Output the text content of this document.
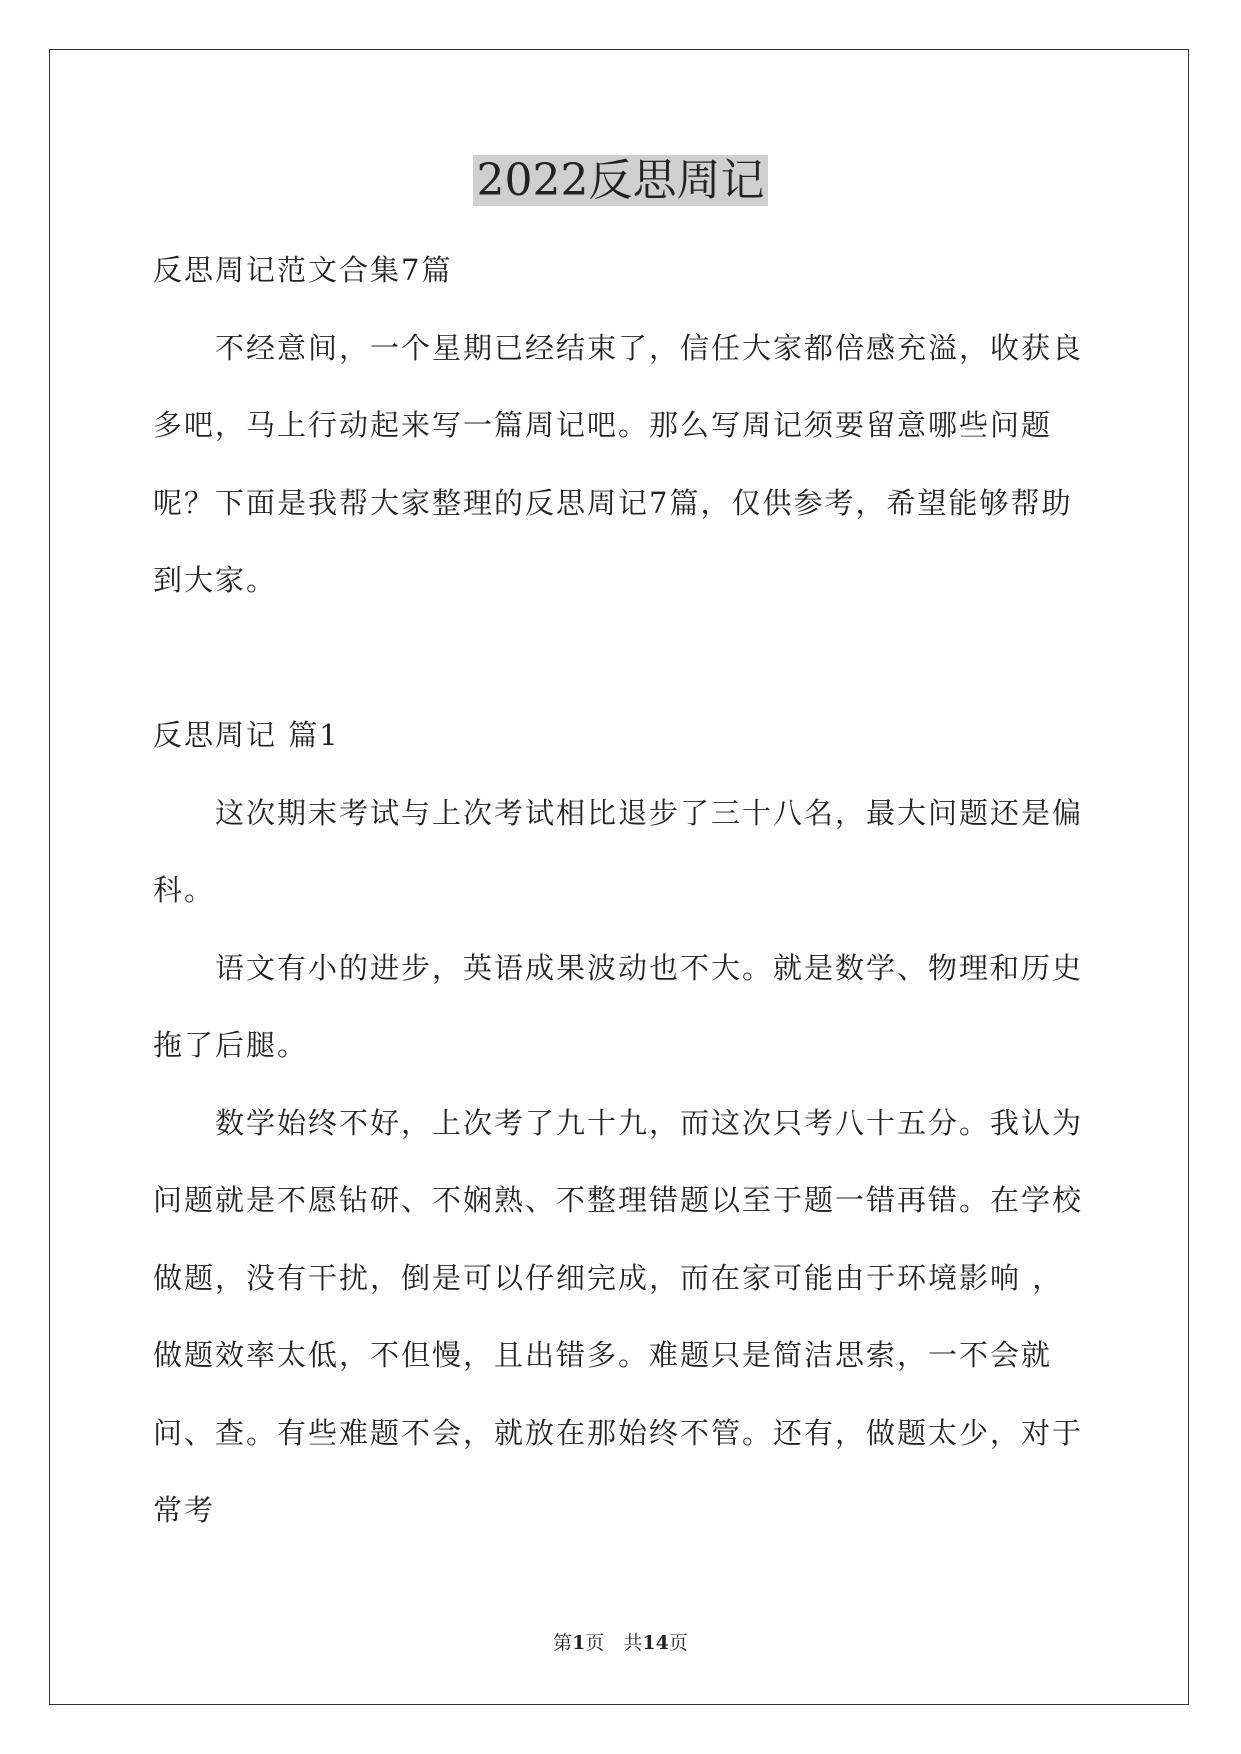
2022反思周记

反思周记范文合集7篇

不经意间，一个星期已经结束了，信任大家都倍感充溢，收获良多吧，马上行动起来写一篇周记吧。那么写周记须要留意哪些问题呢？下面是我帮大家整理的反思周记7篇，仅供参考，希望能够帮助到大家。

反思周记 篇1

这次期末考试与上次考试相比退步了三十八名，最大问题还是偏科。

语文有小的进步，英语成果波动也不大。就是数学、物理和历史拖了后腿。

数学始终不好，上次考了九十九，而这次只考八十五分。我认为问题就是不愿钻研、不娴熟、不整理错题以至于题一错再错。在学校做题，没有干扰，倒是可以仔细完成，而在家可能由于环境影响 ，做题效率太低，不但慢，且出错多。难题只是简洁思索，一不会就问、查。有些难题不会，就放在那始终不管。还有，做题太少，对于常考

第1页　共14页
